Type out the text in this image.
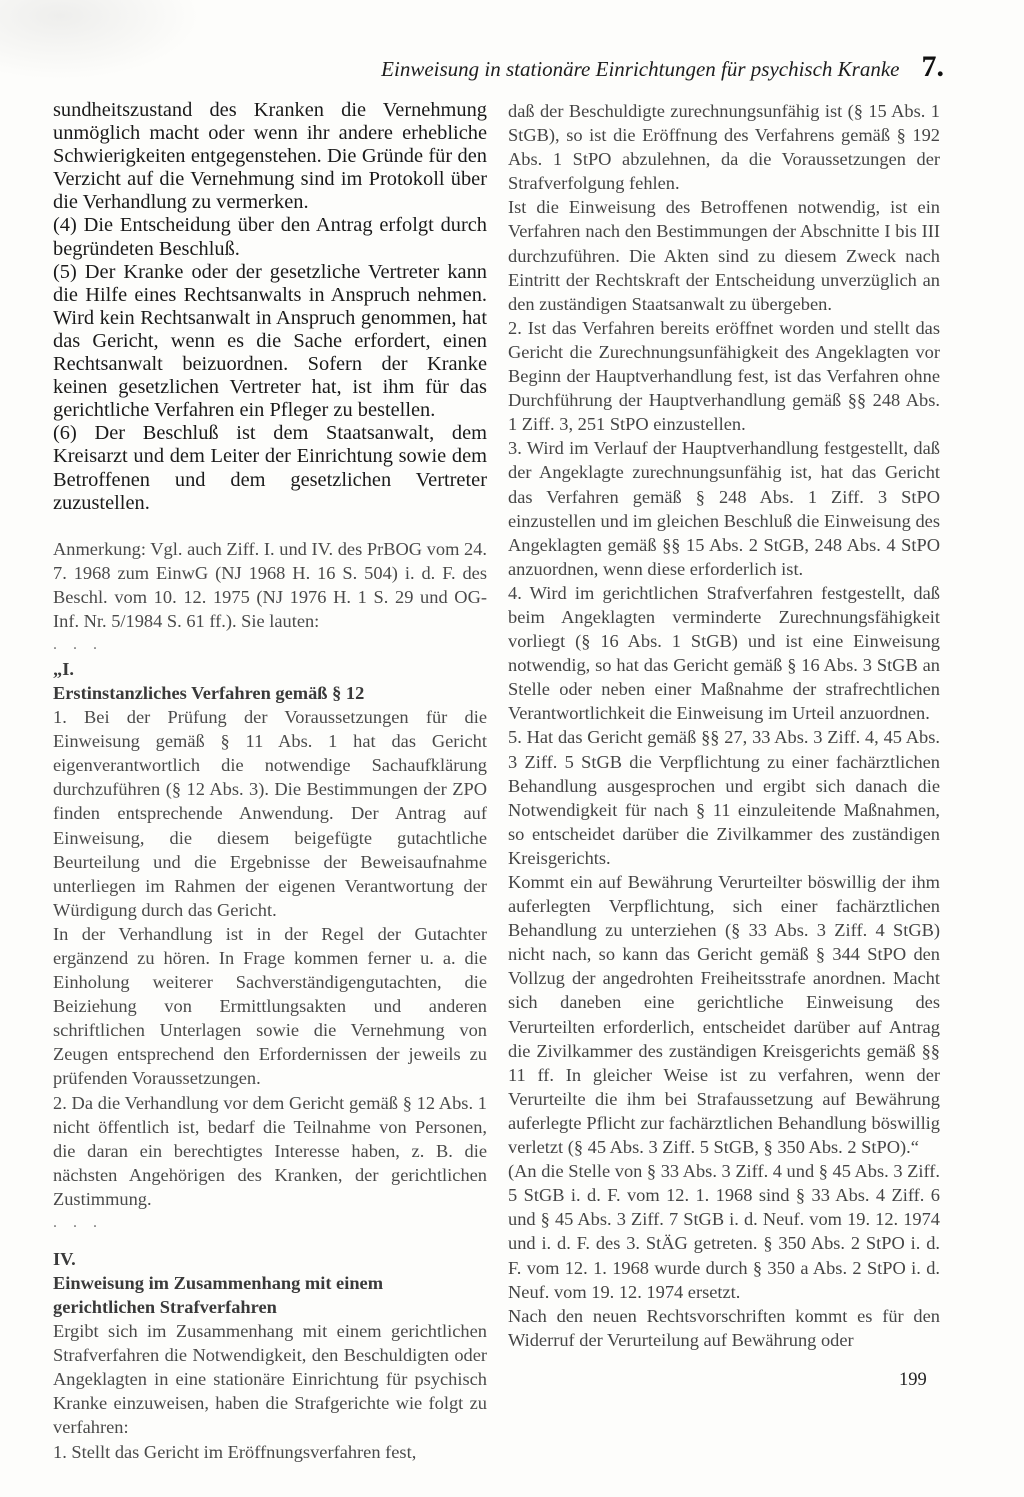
Einweisung in stationäre Einrichtungen für psychisch Kranke 7.

sundheitszustand des Kranken die Vernehmung unmöglich macht oder wenn ihr andere erhebliche Schwierigkeiten entgegenstehen. Die Gründe für den Verzicht auf die Vernehmung sind im Protokoll über die Verhandlung zu vermerken.

(4) Die Entscheidung über den Antrag erfolgt durch begründeten Beschluß.

(5) Der Kranke oder der gesetzliche Vertreter kann die Hilfe eines Rechtsanwalts in Anspruch nehmen. Wird kein Rechtsanwalt in Anspruch genommen, hat das Gericht, wenn es die Sache erfordert, einen Rechtsanwalt beizuordnen. Sofern der Kranke keinen gesetzlichen Vertreter hat, ist ihm für das gerichtliche Verfahren ein Pfleger zu bestellen.

(6) Der Beschluß ist dem Staatsanwalt, dem Kreisarzt und dem Leiter der Einrichtung sowie dem Betroffenen und dem gesetzlichen Vertreter zuzustellen.

Anmerkung: Vgl. auch Ziff. I. und IV. des PrBOG vom 24. 7. 1968 zum EinwG (NJ 1968 H. 16 S. 504) i. d. F. des Beschl. vom 10. 12. 1975 (NJ 1976 H. 1 S. 29 und OG-Inf. Nr. 5/1984 S. 61 ff.). Sie lauten:

. . .

„I.

Erstinstanzliches Verfahren gemäß § 12

1. Bei der Prüfung der Voraussetzungen für die Einweisung gemäß § 11 Abs. 1 hat das Gericht eigenverantwortlich die notwendige Sachaufklärung durchzuführen (§ 12 Abs. 3). Die Bestimmungen der ZPO finden entsprechende Anwendung. Der Antrag auf Einweisung, die diesem beigefügte gutachtliche Beurteilung und die Ergebnisse der Beweisaufnahme unterliegen im Rahmen der eigenen Verantwortung der Würdigung durch das Gericht.

In der Verhandlung ist in der Regel der Gutachter ergänzend zu hören. In Frage kommen ferner u. a. die Einholung weiterer Sachverständigengutachten, die Beiziehung von Ermittlungsakten und anderen schriftlichen Unterlagen sowie die Vernehmung von Zeugen entsprechend den Erfordernissen der jeweils zu prüfenden Voraussetzungen.

2. Da die Verhandlung vor dem Gericht gemäß § 12 Abs. 1 nicht öffentlich ist, bedarf die Teilnahme von Personen, die daran ein berechtigtes Interesse haben, z. B. die nächsten Angehörigen des Kranken, der gerichtlichen Zustimmung.

. . .

IV.

Einweisung im Zusammenhang mit einem gerichtlichen Strafverfahren

Ergibt sich im Zusammenhang mit einem gerichtlichen Strafverfahren die Notwendigkeit, den Beschuldigten oder Angeklagten in eine stationäre Einrichtung für psychisch Kranke einzuweisen, haben die Strafgerichte wie folgt zu verfahren:

1. Stellt das Gericht im Eröffnungsverfahren fest,

daß der Beschuldigte zurechnungsunfähig ist (§ 15 Abs. 1 StGB), so ist die Eröffnung des Verfahrens gemäß § 192 Abs. 1 StPO abzulehnen, da die Voraussetzungen der Strafverfolgung fehlen.

Ist die Einweisung des Betroffenen notwendig, ist ein Verfahren nach den Bestimmungen der Abschnitte I bis III durchzuführen. Die Akten sind zu diesem Zweck nach Eintritt der Rechtskraft der Entscheidung unverzüglich an den zuständigen Staatsanwalt zu übergeben.

2. Ist das Verfahren bereits eröffnet worden und stellt das Gericht die Zurechnungsunfähigkeit des Angeklagten vor Beginn der Hauptverhandlung fest, ist das Verfahren ohne Durchführung der Hauptverhandlung gemäß §§ 248 Abs. 1 Ziff. 3, 251 StPO einzustellen.

3. Wird im Verlauf der Hauptverhandlung festgestellt, daß der Angeklagte zurechnungsunfähig ist, hat das Gericht das Verfahren gemäß § 248 Abs. 1 Ziff. 3 StPO einzustellen und im gleichen Beschluß die Einweisung des Angeklagten gemäß §§ 15 Abs. 2 StGB, 248 Abs. 4 StPO anzuordnen, wenn diese erforderlich ist.

4. Wird im gerichtlichen Strafverfahren festgestellt, daß beim Angeklagten verminderte Zurechnungsfähigkeit vorliegt (§ 16 Abs. 1 StGB) und ist eine Einweisung notwendig, so hat das Gericht gemäß § 16 Abs. 3 StGB an Stelle oder neben einer Maßnahme der strafrechtlichen Verantwortlichkeit die Einweisung im Urteil anzuordnen.

5. Hat das Gericht gemäß §§ 27, 33 Abs. 3 Ziff. 4, 45 Abs. 3 Ziff. 5 StGB die Verpflichtung zu einer fachärztlichen Behandlung ausgesprochen und ergibt sich danach die Notwendigkeit für nach § 11 einzuleitende Maßnahmen, so entscheidet darüber die Zivilkammer des zuständigen Kreisgerichts.

Kommt ein auf Bewährung Verurteilter böswillig der ihm auferlegten Verpflichtung, sich einer fachärztlichen Behandlung zu unterziehen (§ 33 Abs. 3 Ziff. 4 StGB) nicht nach, so kann das Gericht gemäß § 344 StPO den Vollzug der angedrohten Freiheitsstrafe anordnen. Macht sich daneben eine gerichtliche Einweisung des Verurteilten erforderlich, entscheidet darüber auf Antrag die Zivilkammer des zuständigen Kreisgerichts gemäß §§ 11 ff. In gleicher Weise ist zu verfahren, wenn der Verurteilte die ihm bei Strafaussetzung auf Bewährung auferlegte Pflicht zur fachärztlichen Behandlung böswillig verletzt (§ 45 Abs. 3 Ziff. 5 StGB, § 350 Abs. 2 StPO).“

(An die Stelle von § 33 Abs. 3 Ziff. 4 und § 45 Abs. 3 Ziff. 5 StGB i. d. F. vom 12. 1. 1968 sind § 33 Abs. 4 Ziff. 6 und § 45 Abs. 3 Ziff. 7 StGB i. d. Neuf. vom 19. 12. 1974 und i. d. F. des 3. StÄG getreten. § 350 Abs. 2 StPO i. d. F. vom 12. 1. 1968 wurde durch § 350 a Abs. 2 StPO i. d. Neuf. vom 19. 12. 1974 ersetzt.

Nach den neuen Rechtsvorschriften kommt es für den Widerruf der Verurteilung auf Bewährung oder

199
